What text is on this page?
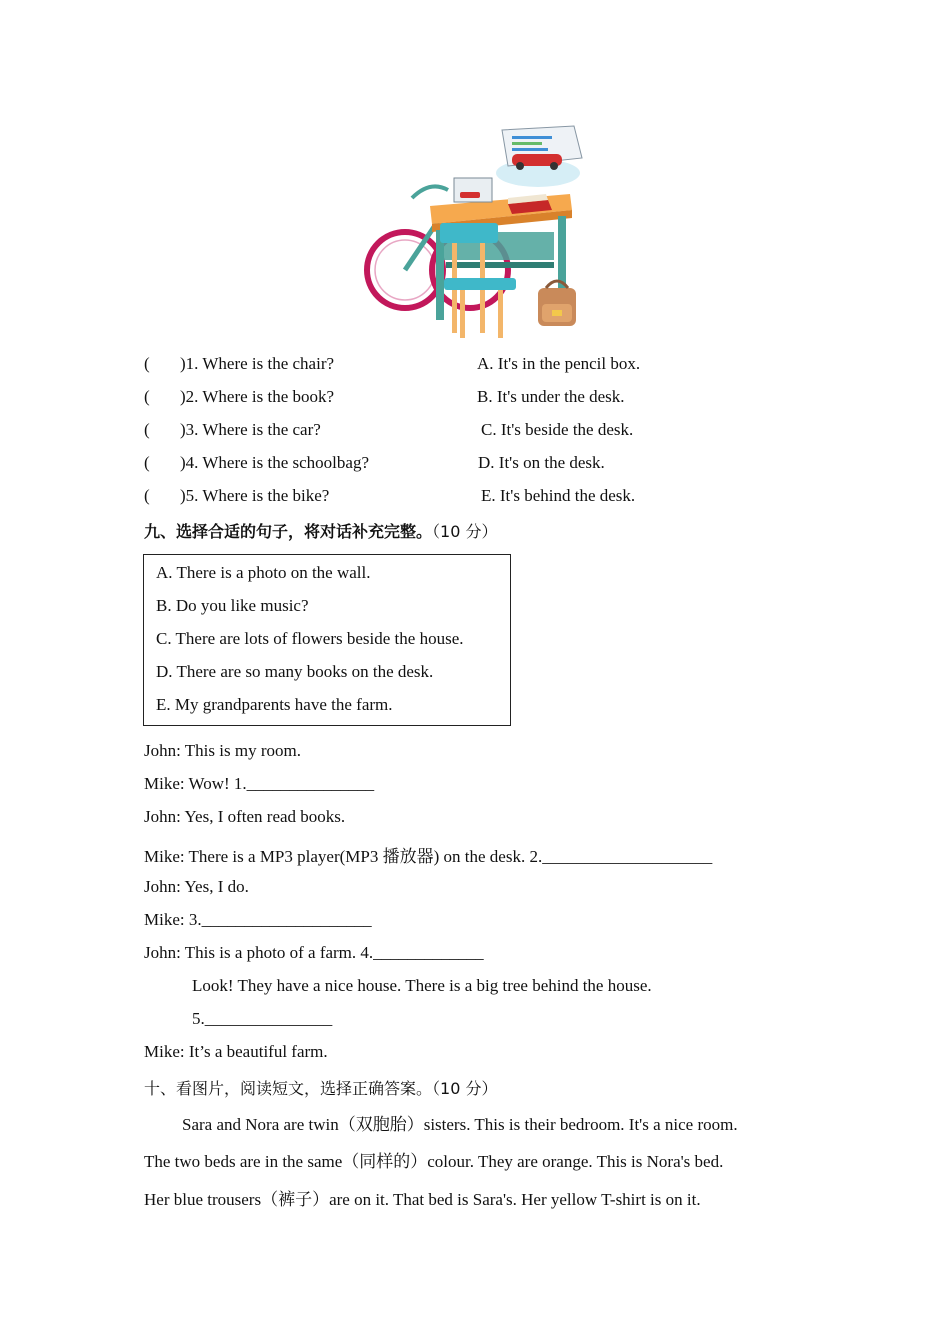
( )1. Where is the chair?	A. It's in the pencil box.
( )2. Where is the book?	B. It's under the desk.
( )3. Where is the car?	C. It's beside the desk.
( )4. Where is the schoolbag?	D. It's on the desk.
( )5. Where is the bike?	E. It's behind the desk.
九、选择合适的句子，将对话补充完整。（10 分）
A. There is a photo on the wall.
B. Do you like music?
C. There are lots of flowers beside the house.
D. There are so many books on the desk.
E. My grandparents have the farm.
John: This is my room.
Mike: Wow! 1._______________
John: Yes, I often read books.
Mike: There is a MP3 player(MP3 播放器) on the desk. 2.____________________
John: Yes, I do.
Mike: 3.____________________
John: This is a photo of a farm. 4._____________
Look! They have a nice house. There is a big tree behind the house.
5._______________
Mike: It’s a beautiful farm.
十、看图片，阅读短文，选择正确答案。（10 分）
Sara and Nora are twin（双胞胎）sisters. This is their bedroom. It's a nice room.
The two beds are in the same（同样的）colour. They are orange. This is Nora's bed.
Her blue trousers（裤子）are on it. That bed is Sara's. Her yellow T-shirt is on it.
